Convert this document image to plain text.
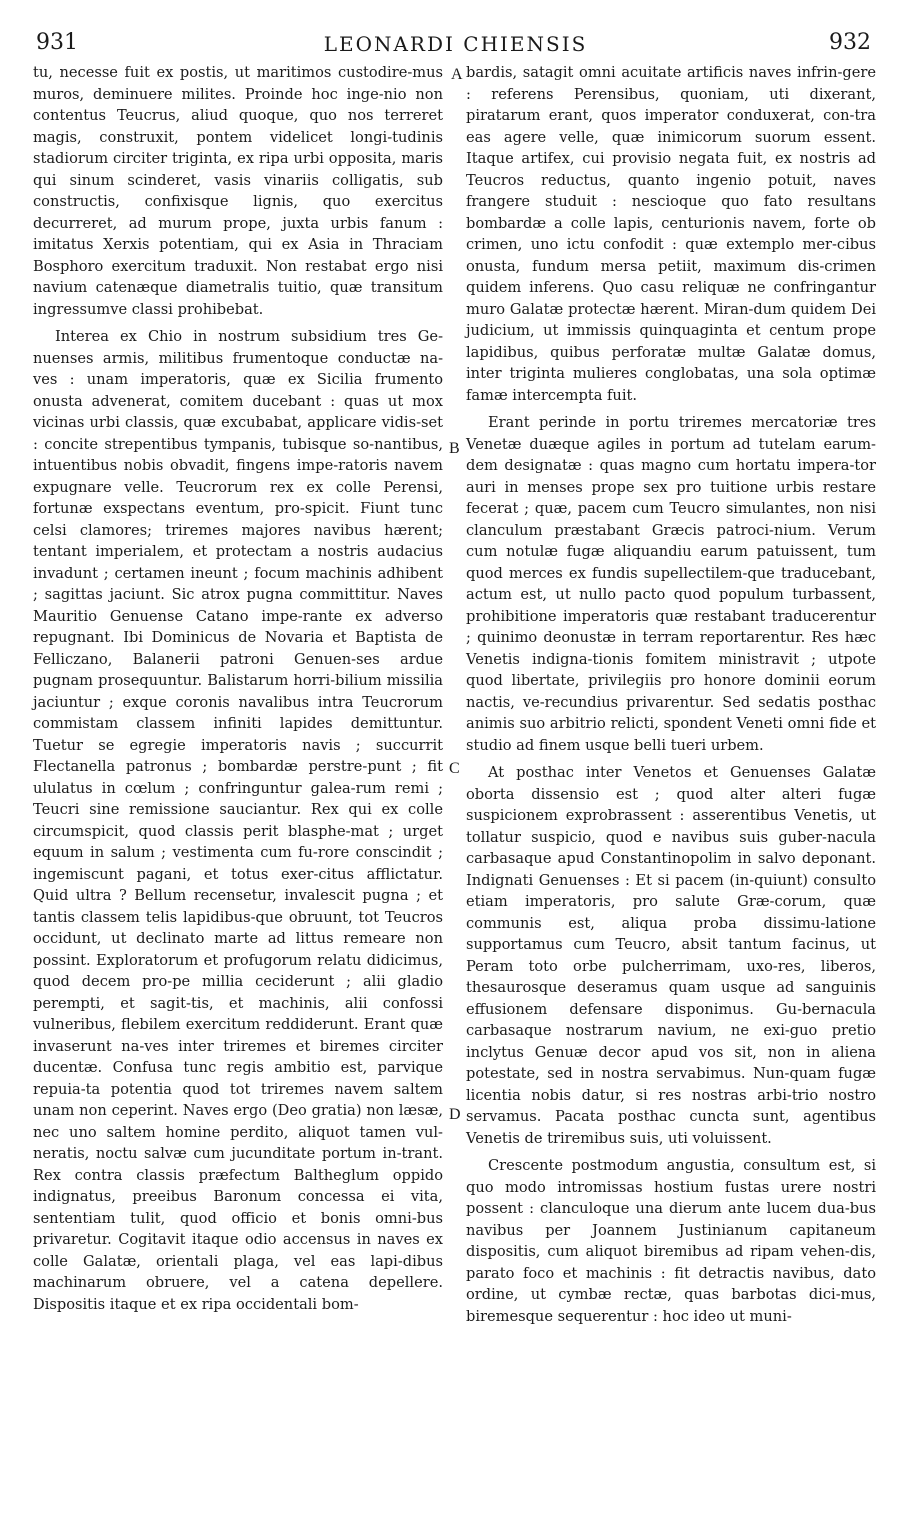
931	LEONARDI CHIENSIS	932

tu, necesse fuit ex postis, ut maritimos custodire-mus muros, deminuere milites. Proinde hoc inge-nio non contentus Teucrus, aliud quoque, quo nos terreret magis, construxit, pontem videlicet longi-tudinis stadiorum circiter triginta, ex ripa urbi opposita, maris qui sinum scinderet, vasis vinariis colligatis, sub constructis, confixisque lignis, quo exercitus decurreret, ad murum prope, juxta urbis fanum : imitatus Xerxis potentiam, qui ex Asia in Thraciam Bosphoro exercitum traduxit. Non restabat ergo nisi navium catenæque diametralis tuitio, quæ transitum ingressumve classi prohibebat.

Interea ex Chio in nostrum subsidium tres Ge-nuenses armis, militibus frumentoque conductæ na-ves : unam imperatoris, quæ ex Sicilia frumento onusta advenerat, comitem ducebant : quas ut mox vicinas urbi classis, quæ excubabat, applicare vidis-set : concite strepentibus tympanis, tubisque so-nantibus, intuentibus nobis obvadit, fingens impe-ratoris navem expugnare velle. Teucrorum rex ex colle Perensi, fortunæ exspectans eventum, pro-spicit. Fiunt tunc celsi clamores; triremes majores navibus hærent; tentant imperialem, et protectam a nostris audacius invadunt ; certamen ineunt ; focum machinis adhibent ; sagittas jaciunt. Sic atrox pugna committitur. Naves Mauritio Genuense Catano impe-rante ex adverso repugnant. Ibi Dominicus de Novaria et Baptista de Felliczano, Balanerii patroni Genuen-ses ardue pugnam prosequuntur. Balistarum horri-bilium missilia jaciuntur ; exque coronis navalibus intra Teucrorum commistam classem infiniti lapides demittuntur. Tuetur se egregie imperatoris navis ; succurrit Flectanella patronus ; bombardæ perstre-punt ; fit ululatus in cœlum ; confringuntur galea-rum remi ; Teucri sine remissione sauciantur. Rex qui ex colle circumspicit, quod classis perit blasphe-mat ; urget equum in salum ; vestimenta cum fu-rore conscindit ; ingemiscunt pagani, et totus exer-citus afflictatur. Quid ultra ? Bellum recensetur, invalescit pugna ; et tantis classem telis lapidibus-que obruunt, tot Teucros occidunt, ut declinato marte ad littus remeare non possint. Exploratorum et profugorum relatu didicimus, quod decem pro-pe millia ceciderunt ; alii gladio perempti, et sagit-tis, et machinis, alii confossi vulneribus, flebilem exercitum reddiderunt. Erant quæ invaserunt na-ves inter triremes et biremes circiter ducentæ. Confusa tunc regis ambitio est, parvique repuia-ta potentia quod tot triremes navem saltem unam non ceperint. Naves ergo (Deo gratia) non læsæ, nec uno saltem homine perdito, aliquot tamen vul-neratis, noctu salvæ cum jucunditate portum in-trant. Rex contra classis præfectum Baltheglum oppido indignatus, preeibus Baronum concessa ei vita, sententiam tulit, quod officio et bonis omni-bus privaretur. Cogitavit itaque odio accensus in naves ex colle Galatæ, orientali plaga, vel eas lapi-dibus machinarum obruere, vel a catena depellere. Dispositis itaque et ex ripa occidentali bom-

A
B
C
D

bardis, satagit omni acuitate artificis naves infrin-gere : referens Perensibus, quoniam, uti dixerant, piratarum erant, quos imperator conduxerat, con-tra eas agere velle, quæ inimicorum suorum essent. Itaque artifex, cui provisio negata fuit, ex nostris ad Teucros reductus, quanto ingenio potuit, naves frangere studuit : nescioque quo fato resultans bombardæ a colle lapis, centurionis navem, forte ob crimen, uno ictu confodit : quæ extemplo mer-cibus onusta, fundum mersa petiit, maximum dis-crimen quidem inferens. Quo casu reliquæ ne confringantur muro Galatæ protectæ hærent. Miran-dum quidem Dei judicium, ut immissis quinquaginta et centum prope lapidibus, quibus perforatæ multæ Galatæ domus, inter triginta mulieres conglobatas, una sola optimæ famæ intercempta fuit.

Erant perinde in portu triremes mercatoriæ tres Venetæ duæque agiles in portum ad tutelam earum-dem designatæ : quas magno cum hortatu impera-tor auri in menses prope sex pro tuitione urbis restare fecerat ; quæ, pacem cum Teucro simulantes, non nisi clanculum præstabant Græcis patroci-nium. Verum cum notulæ fugæ aliquandiu earum patuissent, tum quod merces ex fundis supellectilem-que traducebant, actum est, ut nullo pacto quod populum turbassent, prohibitione imperatoris quæ restabant traducerentur ; quinimo deonustæ in terram reportarentur. Res hæc Venetis indigna-tionis fomitem ministravit ; utpote quod libertate, privilegiis pro honore dominii eorum nactis, ve-recundius privarentur. Sed sedatis posthac animis suo arbitrio relicti, spondent Veneti omni fide et studio ad finem usque belli tueri urbem.

At posthac inter Venetos et Genuenses Galatæ oborta dissensio est ; quod alter alteri fugæ suspicionem exprobrassent : asserentibus Venetis, ut tollatur suspicio, quod e navibus suis guber-nacula carbasaque apud Constantinopolim in salvo deponant. Indignati Genuenses : Et si pacem (in-quiunt) consulto etiam imperatoris, pro salute Græ-corum, quæ communis est, aliqua proba dissimu-latione supportamus cum Teucro, absit tantum facinus, ut Peram toto orbe pulcherrimam, uxo-res, liberos, thesaurosque deseramus quam usque ad sanguinis effusionem defensare disponimus. Gu-bernacula carbasaque nostrarum navium, ne exi-guo pretio inclytus Genuæ decor apud vos sit, non in aliena potestate, sed in nostra servabimus. Nun-quam fugæ licentia nobis datur, si res nostras arbi-trio nostro servamus. Pacata posthac cuncta sunt, agentibus Venetis de triremibus suis, uti voluissent.

Crescente postmodum angustia, consultum est, si quo modo intromissas hostium fustas urere nostri possent : clanculoque una dierum ante lucem dua-bus navibus per Joannem Justinianum capitaneum dispositis, cum aliquot biremibus ad ripam vehen-dis, parato foco et machinis : fit detractis navibus, dato ordine, ut cymbæ rectæ, quas barbotas dici-mus, biremesque sequerentur : hoc ideo ut muni-
